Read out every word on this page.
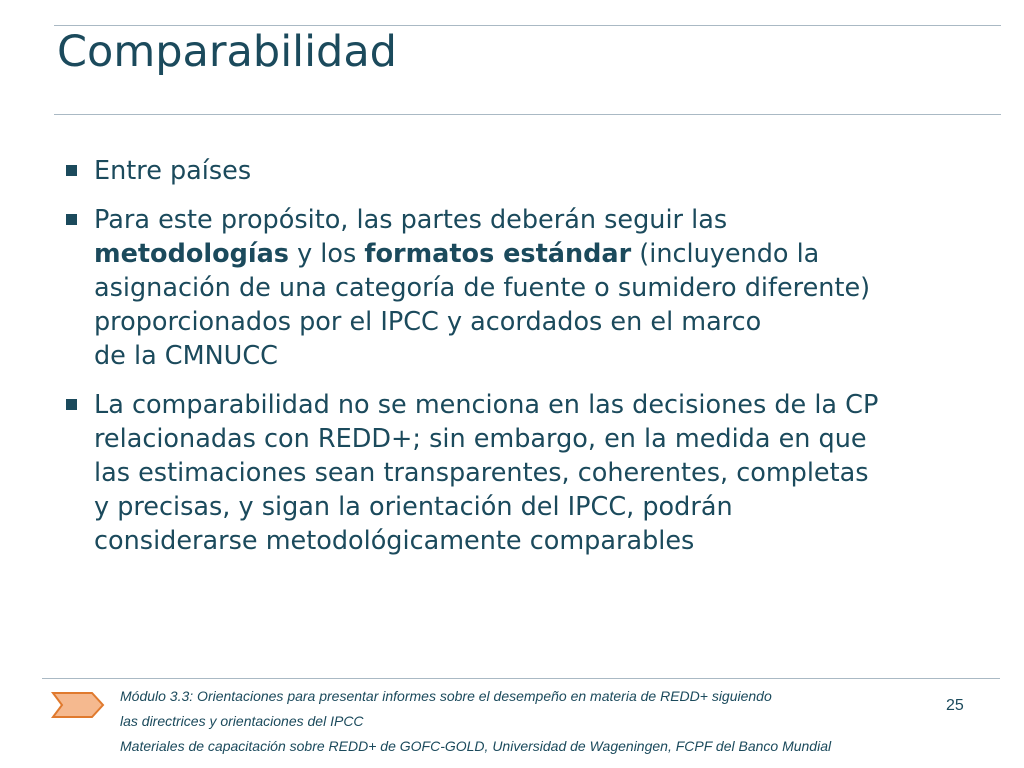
Comparabilidad
Entre países
Para este propósito, las partes deberán seguir las
metodologías y los formatos estándar (incluyendo la
asignación de una categoría de fuente o sumidero diferente)
proporcionados por el IPCC y acordados en el marco
de la CMNUCC
La comparabilidad no se menciona en las decisiones de la CP
relacionadas con REDD+; sin embargo, en la medida en que
las estimaciones sean transparentes, coherentes, completas
y precisas, y sigan la orientación del IPCC, podrán
considerarse metodológicamente comparables
Módulo 3.3: Orientaciones para presentar informes sobre el desempeño en materia de REDD+ siguiendo
las directrices y orientaciones del IPCC
Materiales de capacitación sobre REDD+ de GOFC-GOLD, Universidad de Wageningen, FCPF del Banco Mundial
25
